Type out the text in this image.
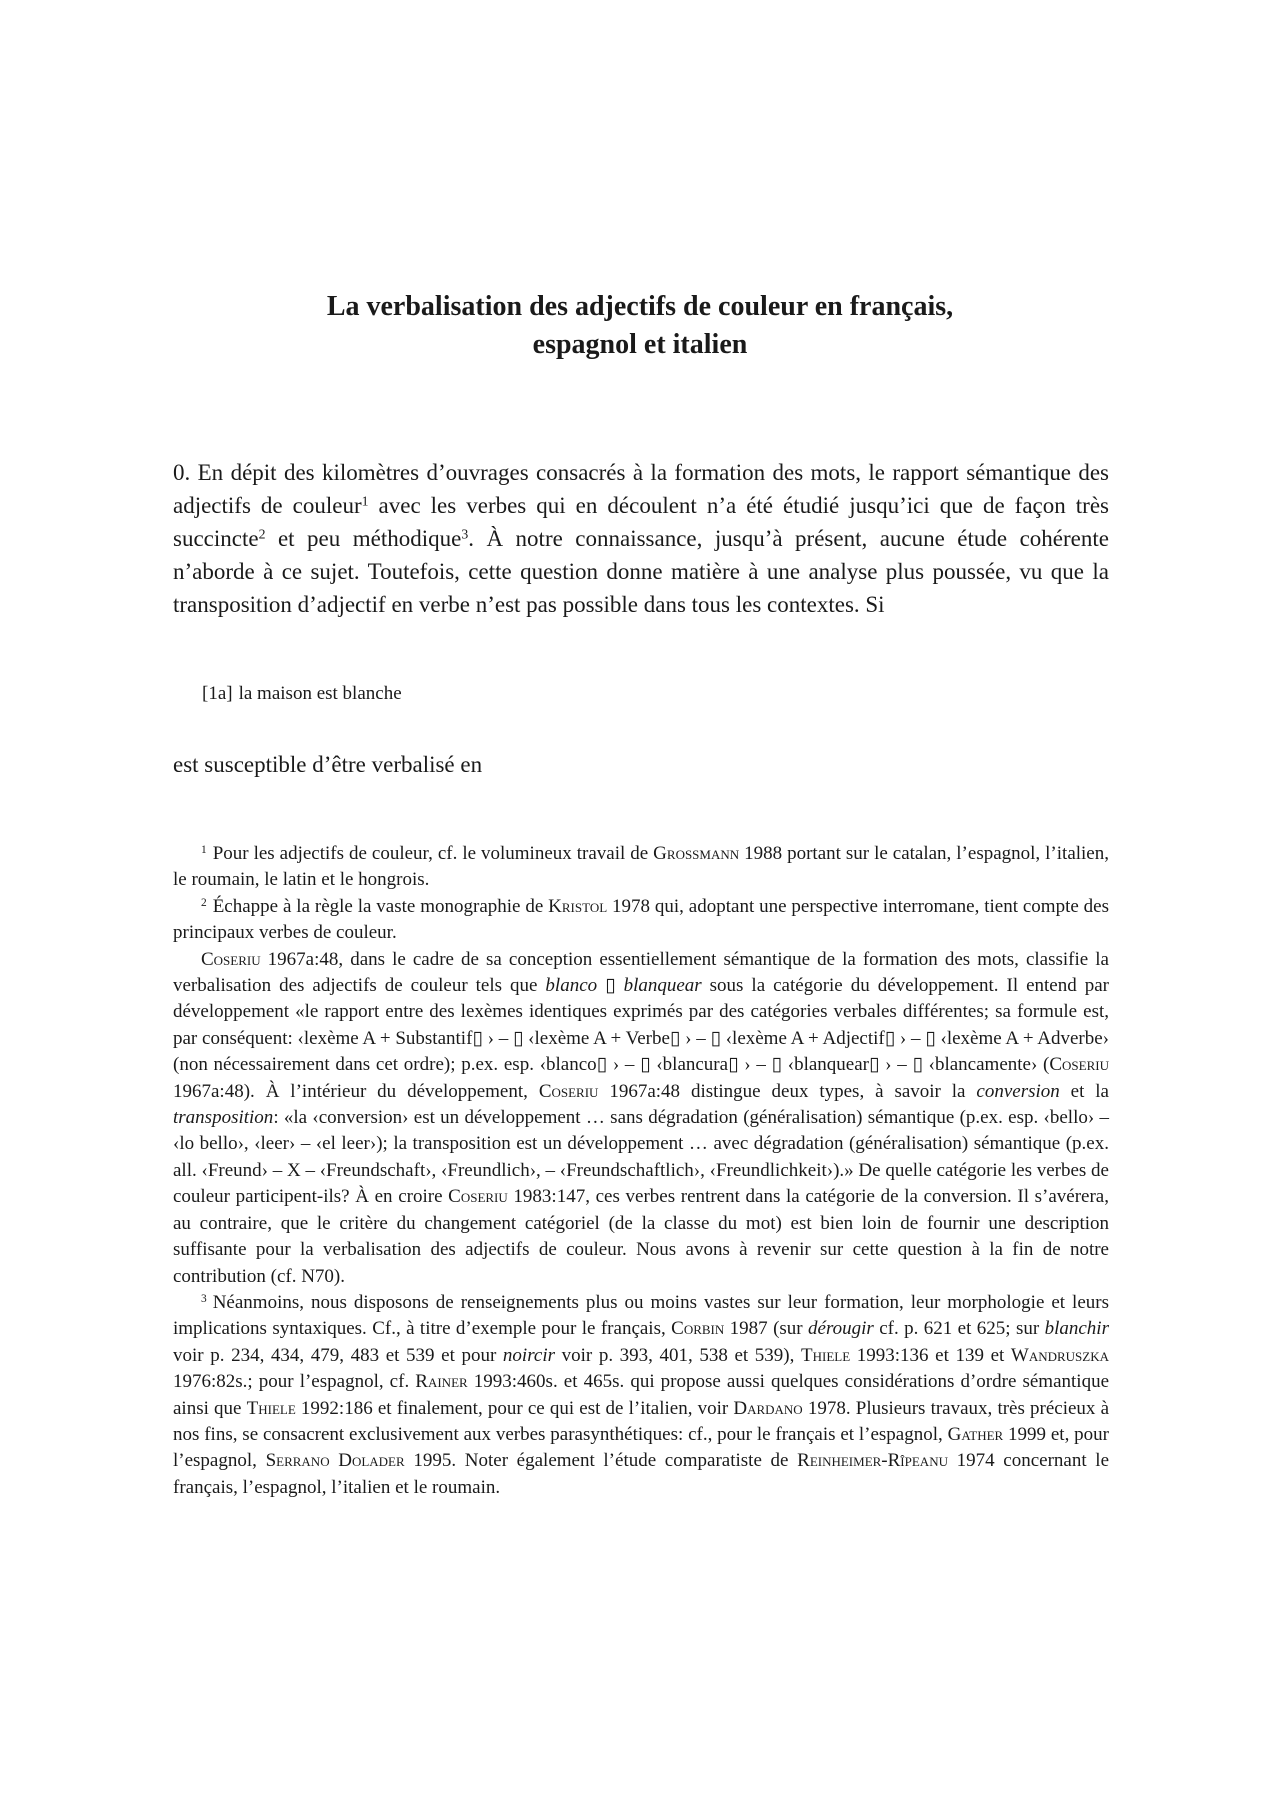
La verbalisation des adjectifs de couleur en français,
espagnol et italien

0. En dépit des kilomètres d’ouvrages consacrés à la formation des mots, le rapport sémantique des adjectifs de couleur$^1$ avec les verbes qui en découlent n’a été étudié jusqu’ici que de façon très succincte$^2$ et peu méthodique$^3$. À notre connaissance, jusqu’à présent, aucune étude cohérente n’aborde à ce sujet. Toutefois, cette question donne matière à une analyse plus poussée, vu que la transposition d’adjectif en verbe n’est pas possible dans tous les contextes. Si

[1a] la maison est blanche

est susceptible d’être verbalisé en

$^1$ Pour les adjectifs de couleur, cf. le volumineux travail de Grossmann 1988 portant sur le catalan, l’espagnol, l’italien, le roumain, le latin et le hongrois.

$^2$ Échappe à la règle la vaste monographie de Kristol 1978 qui, adoptant une perspective interromane, tient compte des principaux verbes de couleur.

Coseriu 1967a:48, dans le cadre de sa conception essentiellement sémantique de la formation des mots, classifie la verbalisation des adjectifs de couleur tels que blanco ▯ blanquear sous la catégorie du développement. Il entend par développement «le rapport entre des lexèmes identiques exprimés par des catégories verbales différentes; sa formule est, par conséquent: ‹lexème A + Substantif▯ › – ▯ ‹lexème A + Verbe▯ › – ▯ ‹lexème A + Adjectif▯ › – ▯ ‹lexème A + Adverbe› (non nécessairement dans cet ordre); p.ex. esp. ‹blanco▯ › – ▯ ‹blancura▯ › – ▯ ‹blanquear▯ › – ▯ ‹blancamente› (Coseriu 1967a:48). À l’intérieur du développement, Coseriu 1967a:48 distingue deux types, à savoir la conversion et la transposition: «la ‹conversion› est un développement … sans dégradation (généralisation) sémantique (p.ex. esp. ‹bello› – ‹lo bello›, ‹leer› – ‹el leer›); la transposition est un développement … avec dégradation (généralisation) sémantique (p.ex. all. ‹Freund› – X – ‹Freundschaft›, ‹Freundlich›, – ‹Freundschaftlich›, ‹Freundlichkeit›).» De quelle catégorie les verbes de couleur participent-ils? À en croire Coseriu 1983:147, ces verbes rentrent dans la catégorie de la conversion. Il s’avérera, au contraire, que le critère du changement catégoriel (de la classe du mot) est bien loin de fournir une description suffisante pour la verbalisation des adjectifs de couleur. Nous avons à revenir sur cette question à la fin de notre contribution (cf. N70).

$^3$ Néanmoins, nous disposons de renseignements plus ou moins vastes sur leur formation, leur morphologie et leurs implications syntaxiques. Cf., à titre d’exemple pour le français, Corbin 1987 (sur dérougir cf. p. 621 et 625; sur blanchir voir p. 234, 434, 479, 483 et 539 et pour noircir voir p. 393, 401, 538 et 539), Thiele 1993:136 et 139 et Wandruszka 1976:82s.; pour l’espagnol, cf. Rainer 1993:460s. et 465s. qui propose aussi quelques considérations d’ordre sémantique ainsi que Thiele 1992:186 et finalement, pour ce qui est de l’italien, voir Dardano 1978. Plusieurs travaux, très précieux à nos fins, se consacrent exclusivement aux verbes parasynthétiques: cf., pour le français et l’espagnol, Gather 1999 et, pour l’espagnol, Serrano Dolader 1995. Noter également l’étude comparatiste de Reinheimer-Rîpeanu 1974 concernant le français, l’espagnol, l’italien et le roumain.
